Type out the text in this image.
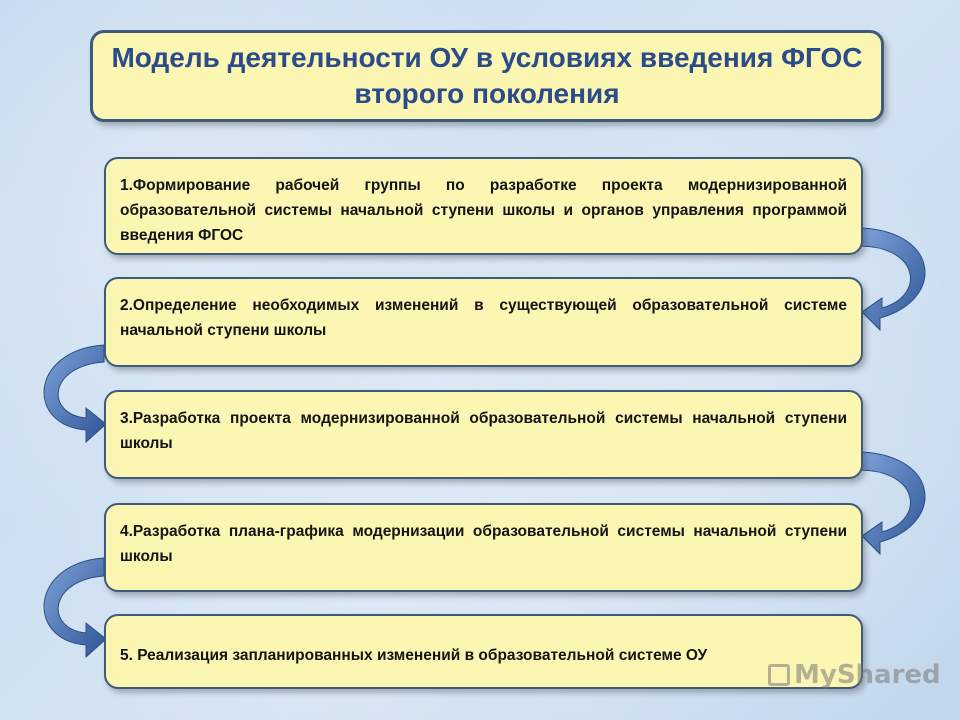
Модель деятельности ОУ в условиях введения ФГОС второго поколения
1.Формирование рабочей группы по разработке проекта модернизированной образовательной системы начальной ступени школы и органов управления программой введения ФГОС
2.Определение необходимых изменений в существующей образовательной системе начальной ступени школы
3.Разработка проекта модернизированной образовательной системы начальной ступени школы
4.Разработка плана-графика модернизации образовательной системы начальной ступени школы
5. Реализация запланированных изменений в образовательной системе ОУ
MyShared
